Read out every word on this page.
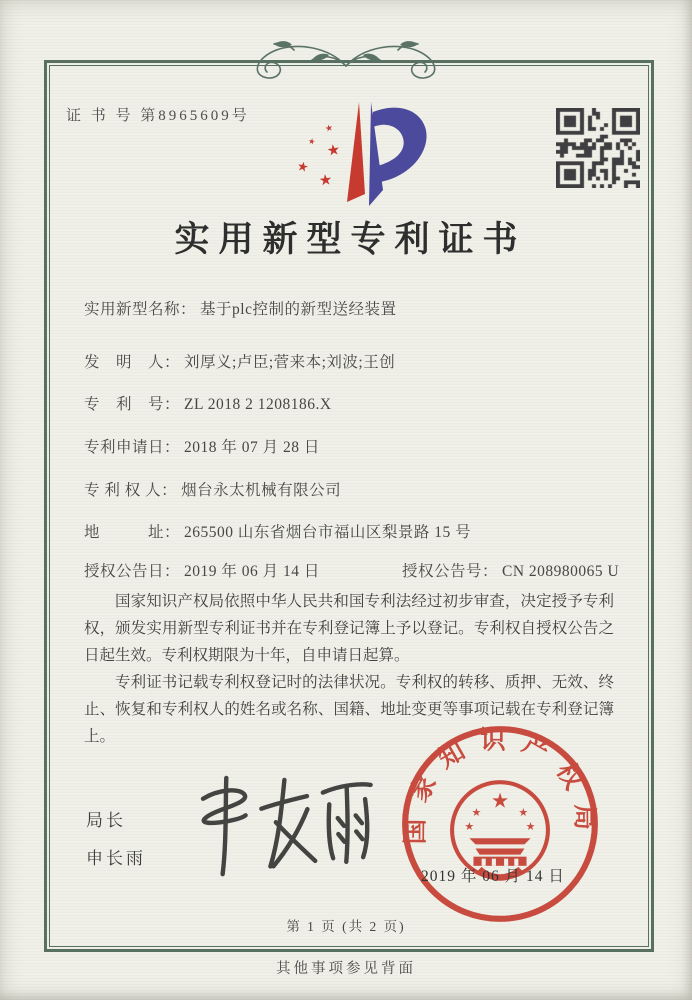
证 书 号 第8965609号
★
★
★
★
★
实用新型专利证书
实用新型名称： 基于plc控制的新型送经装置
发　明　人： 刘厚义;卢臣;菅来本;刘波;王创
专　利　号： ZL 2018 2 1208186.X
专利申请日： 2018 年 07 月 28 日
专 利 权 人： 烟台永太机械有限公司
地　　　址： 265500 山东省烟台市福山区梨景路 15 号
授权公告日： 2019 年 06 月 14 日	授权公告号： CN 208980065 U

国家知识产权局依照中华人民共和国专利法经过初步审查，决定授予专利权，颁发实用新型专利证书并在专利登记簿上予以登记。专利权自授权公告之日起生效。专利权期限为十年，自申请日起算。

专利证书记载专利权登记时的法律状况。专利权的转移、质押、无效、终止、恢复和专利权人的姓名或名称、国籍、地址变更等事项记载在专利登记簿上。

局长
申长雨
国家知识产权局
★
★	★
★	★
2019 年 06 月 14 日
第 1 页 (共 2 页)
其他事项参见背面
